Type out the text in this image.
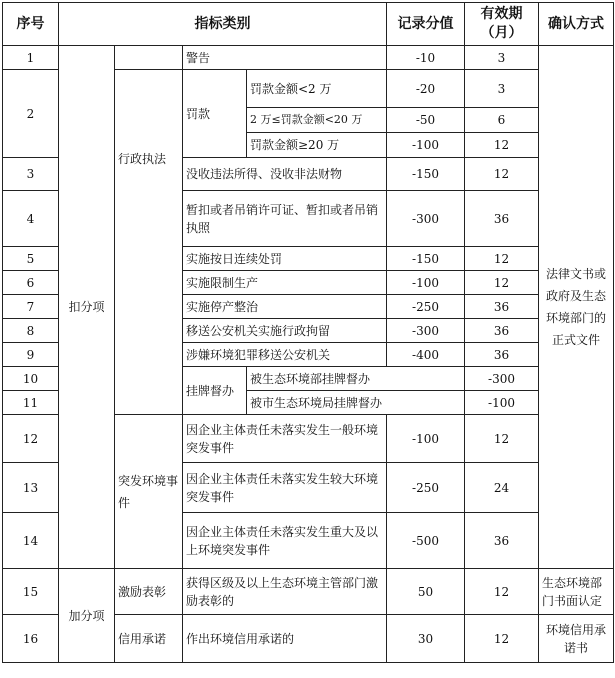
序号	指标类别				记录分值	有效期（月）	确认方式	
1	扣分项		警告		-10	3	法律文书或政府及生态环境部门的正式文件	
2		行政执法	罚款	罚款金额<2 万	-20	3		
				2 万≤罚款金额<20 万	-50	6		
				罚款金额≥20 万	-100	12		
3			没收违法所得、没收非法财物		-150	12		
4			暂扣或者吊销许可证、暂扣或者吊销执照		-300	36		
5			实施按日连续处罚		-150	12		
6			实施限制生产		-100	12		
7			实施停产整治		-250	36		
8			移送公安机关实施行政拘留		-300	36		
9			涉嫌环境犯罪移送公安机关		-400	36		
10			挂牌督办	被生态环境部挂牌督办		-300	
11				被市生态环境局挂牌督办		-100	
12		突发环境事件	因企业主体责任未落实发生一般环境突发事件		-100	12		
13			因企业主体责任未落实发生较大环境突发事件		-250	24		
14			因企业主体责任未落实发生重大及以上环境突发事件		-500	36		
15	加分项	激励表彰	获得区级及以上生态环境主管部门激励表彰的		50	12	生态环境部门书面认定	
16		信用承诺	作出环境信用承诺的		30	12	环境信用承诺书	
